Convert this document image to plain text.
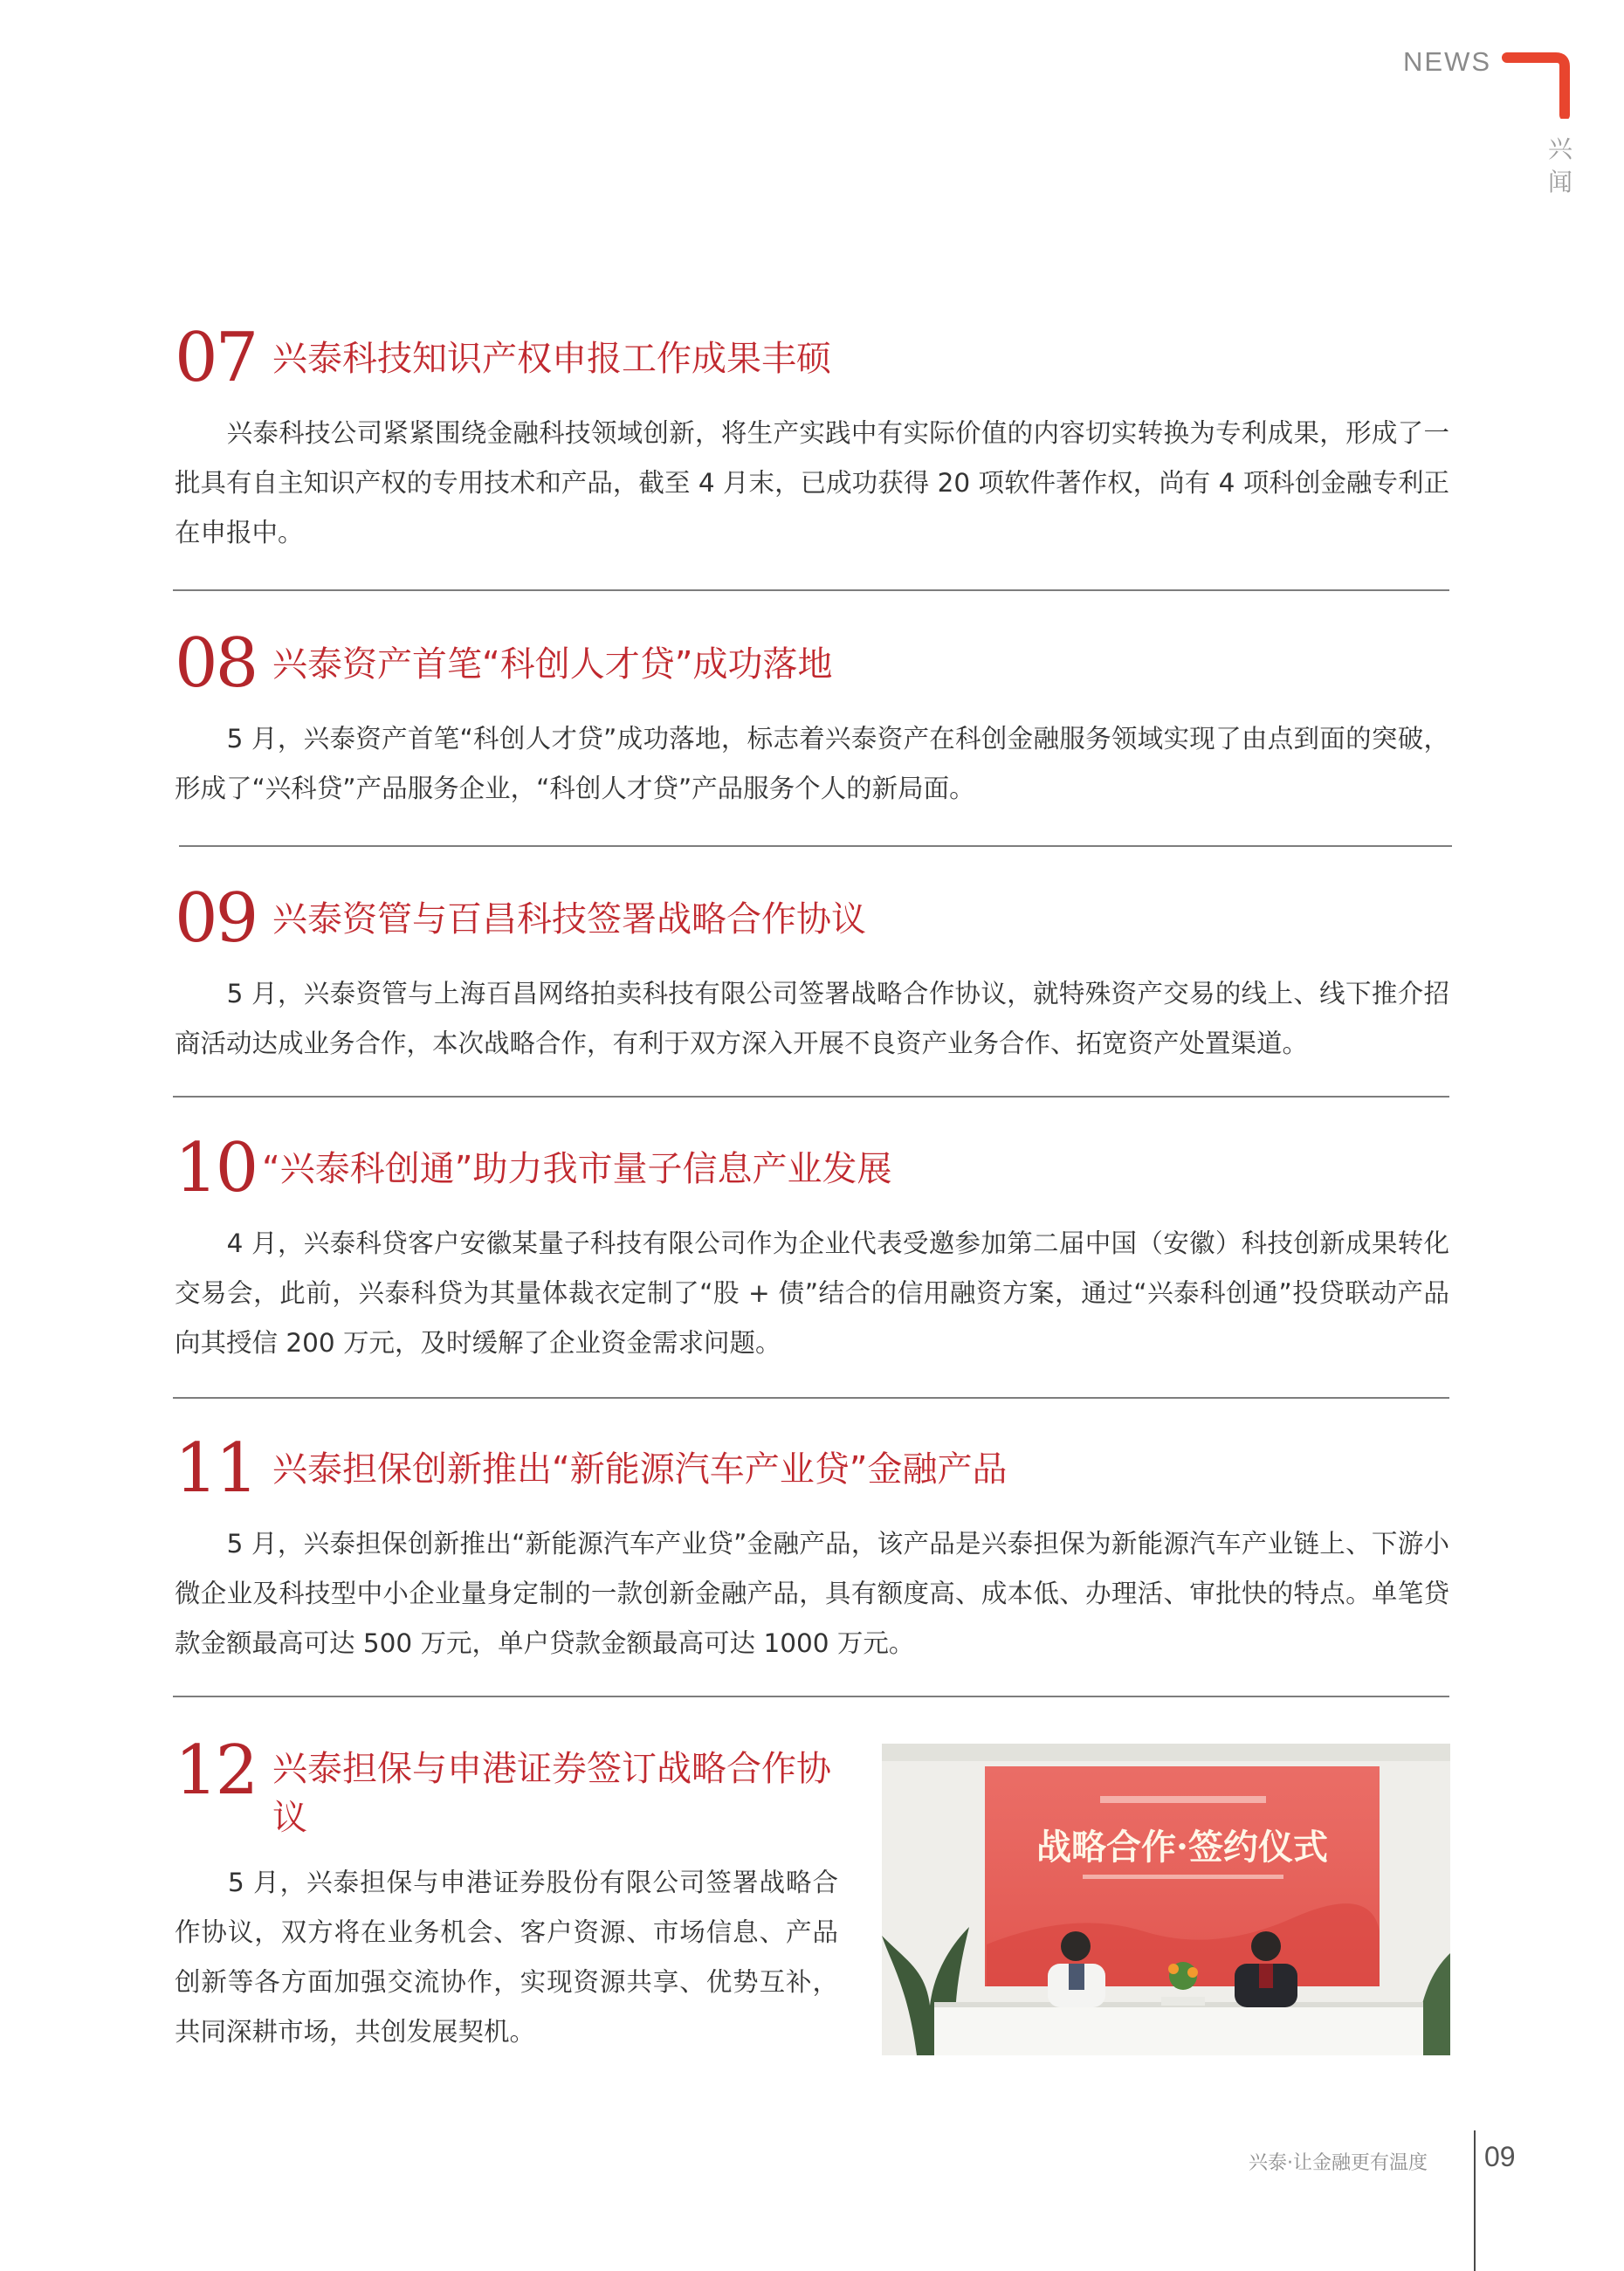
NEWS
兴闻
07 兴泰科技知识产权申报工作成果丰硕
　　兴泰科技公司紧紧围绕金融科技领域创新，将生产实践中有实际价值的内容切实转换为专利成果，形成了一批具有自主知识产权的专用技术和产品，截至 4 月末，已成功获得 20 项软件著作权，尚有 4 项科创金融专利正在申报中。
08 兴泰资产首笔“科创人才贷”成功落地
　　5 月，兴泰资产首笔“科创人才贷”成功落地，标志着兴泰资产在科创金融服务领域实现了由点到面的突破，形成了“兴科贷”产品服务企业，“科创人才贷”产品服务个人的新局面。
09 兴泰资管与百昌科技签署战略合作协议
　　5 月，兴泰资管与上海百昌网络拍卖科技有限公司签署战略合作协议，就特殊资产交易的线上、线下推介招商活动达成业务合作，本次战略合作，有利于双方深入开展不良资产业务合作、拓宽资产处置渠道。
10 “兴泰科创通”助力我市量子信息产业发展
　　4 月，兴泰科贷客户安徽某量子科技有限公司作为企业代表受邀参加第二届中国（安徽）科技创新成果转化交易会，此前，兴泰科贷为其量体裁衣定制了“股 + 债”结合的信用融资方案，通过“兴泰科创通”投贷联动产品向其授信 200 万元，及时缓解了企业资金需求问题。
11 兴泰担保创新推出“新能源汽车产业贷”金融产品
　　5 月，兴泰担保创新推出“新能源汽车产业贷”金融产品，该产品是兴泰担保为新能源汽车产业链上、下游小微企业及科技型中小企业量身定制的一款创新金融产品，具有额度高、成本低、办理活、审批快的特点。单笔贷款金额最高可达 500 万元，单户贷款金额最高可达 1000 万元。
12 兴泰担保与申港证券签订战略合作协议
　　5 月，兴泰担保与申港证券股份有限公司签署战略合作协议，双方将在业务机会、客户资源、市场信息、产品创新等各方面加强交流协作，实现资源共享、优势互补，共同深耕市场，共创发展契机。
战略合作·签约仪式
兴泰·让金融更有温度 09
